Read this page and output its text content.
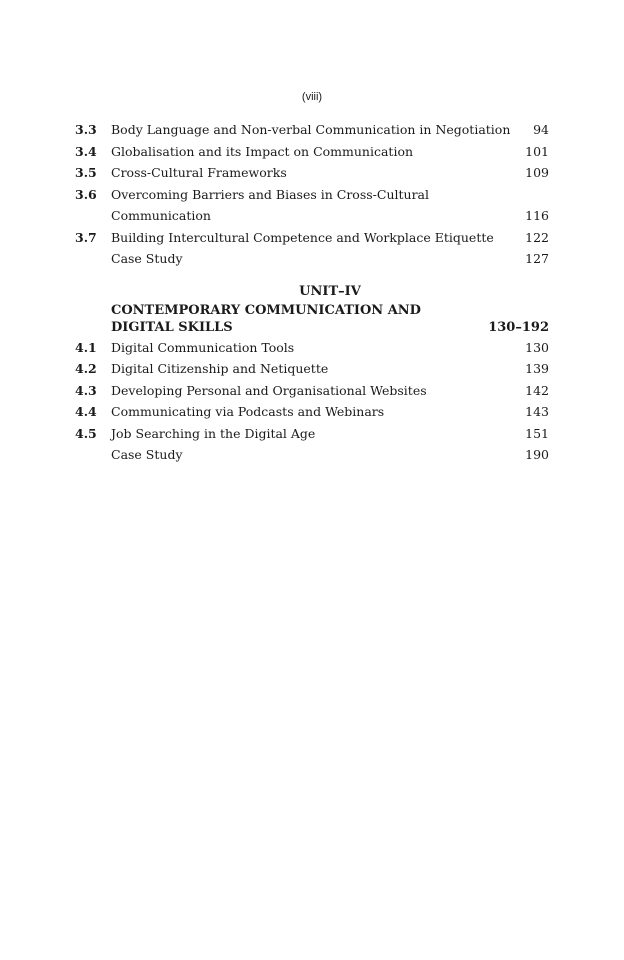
(viii)
3.3	Body Language and Non-verbal Communication in Negotiation	94
3.4	Globalisation and its Impact on Communication	101
3.5	Cross-Cultural Frameworks	109
3.6	Overcoming Barriers and Biases in Cross-Cultural
Communication	116
3.7	Building Intercultural Competence and Workplace Etiquette	122
Case Study	127
UNIT–IV
CONTEMPORARY COMMUNICATION AND
DIGITAL SKILLS	130–192
4.1	Digital Communication Tools	130
4.2	Digital Citizenship and Netiquette	139
4.3	Developing Personal and Organisational Websites	142
4.4	Communicating via Podcasts and Webinars	143
4.5	Job Searching in the Digital Age	151
Case Study	190
